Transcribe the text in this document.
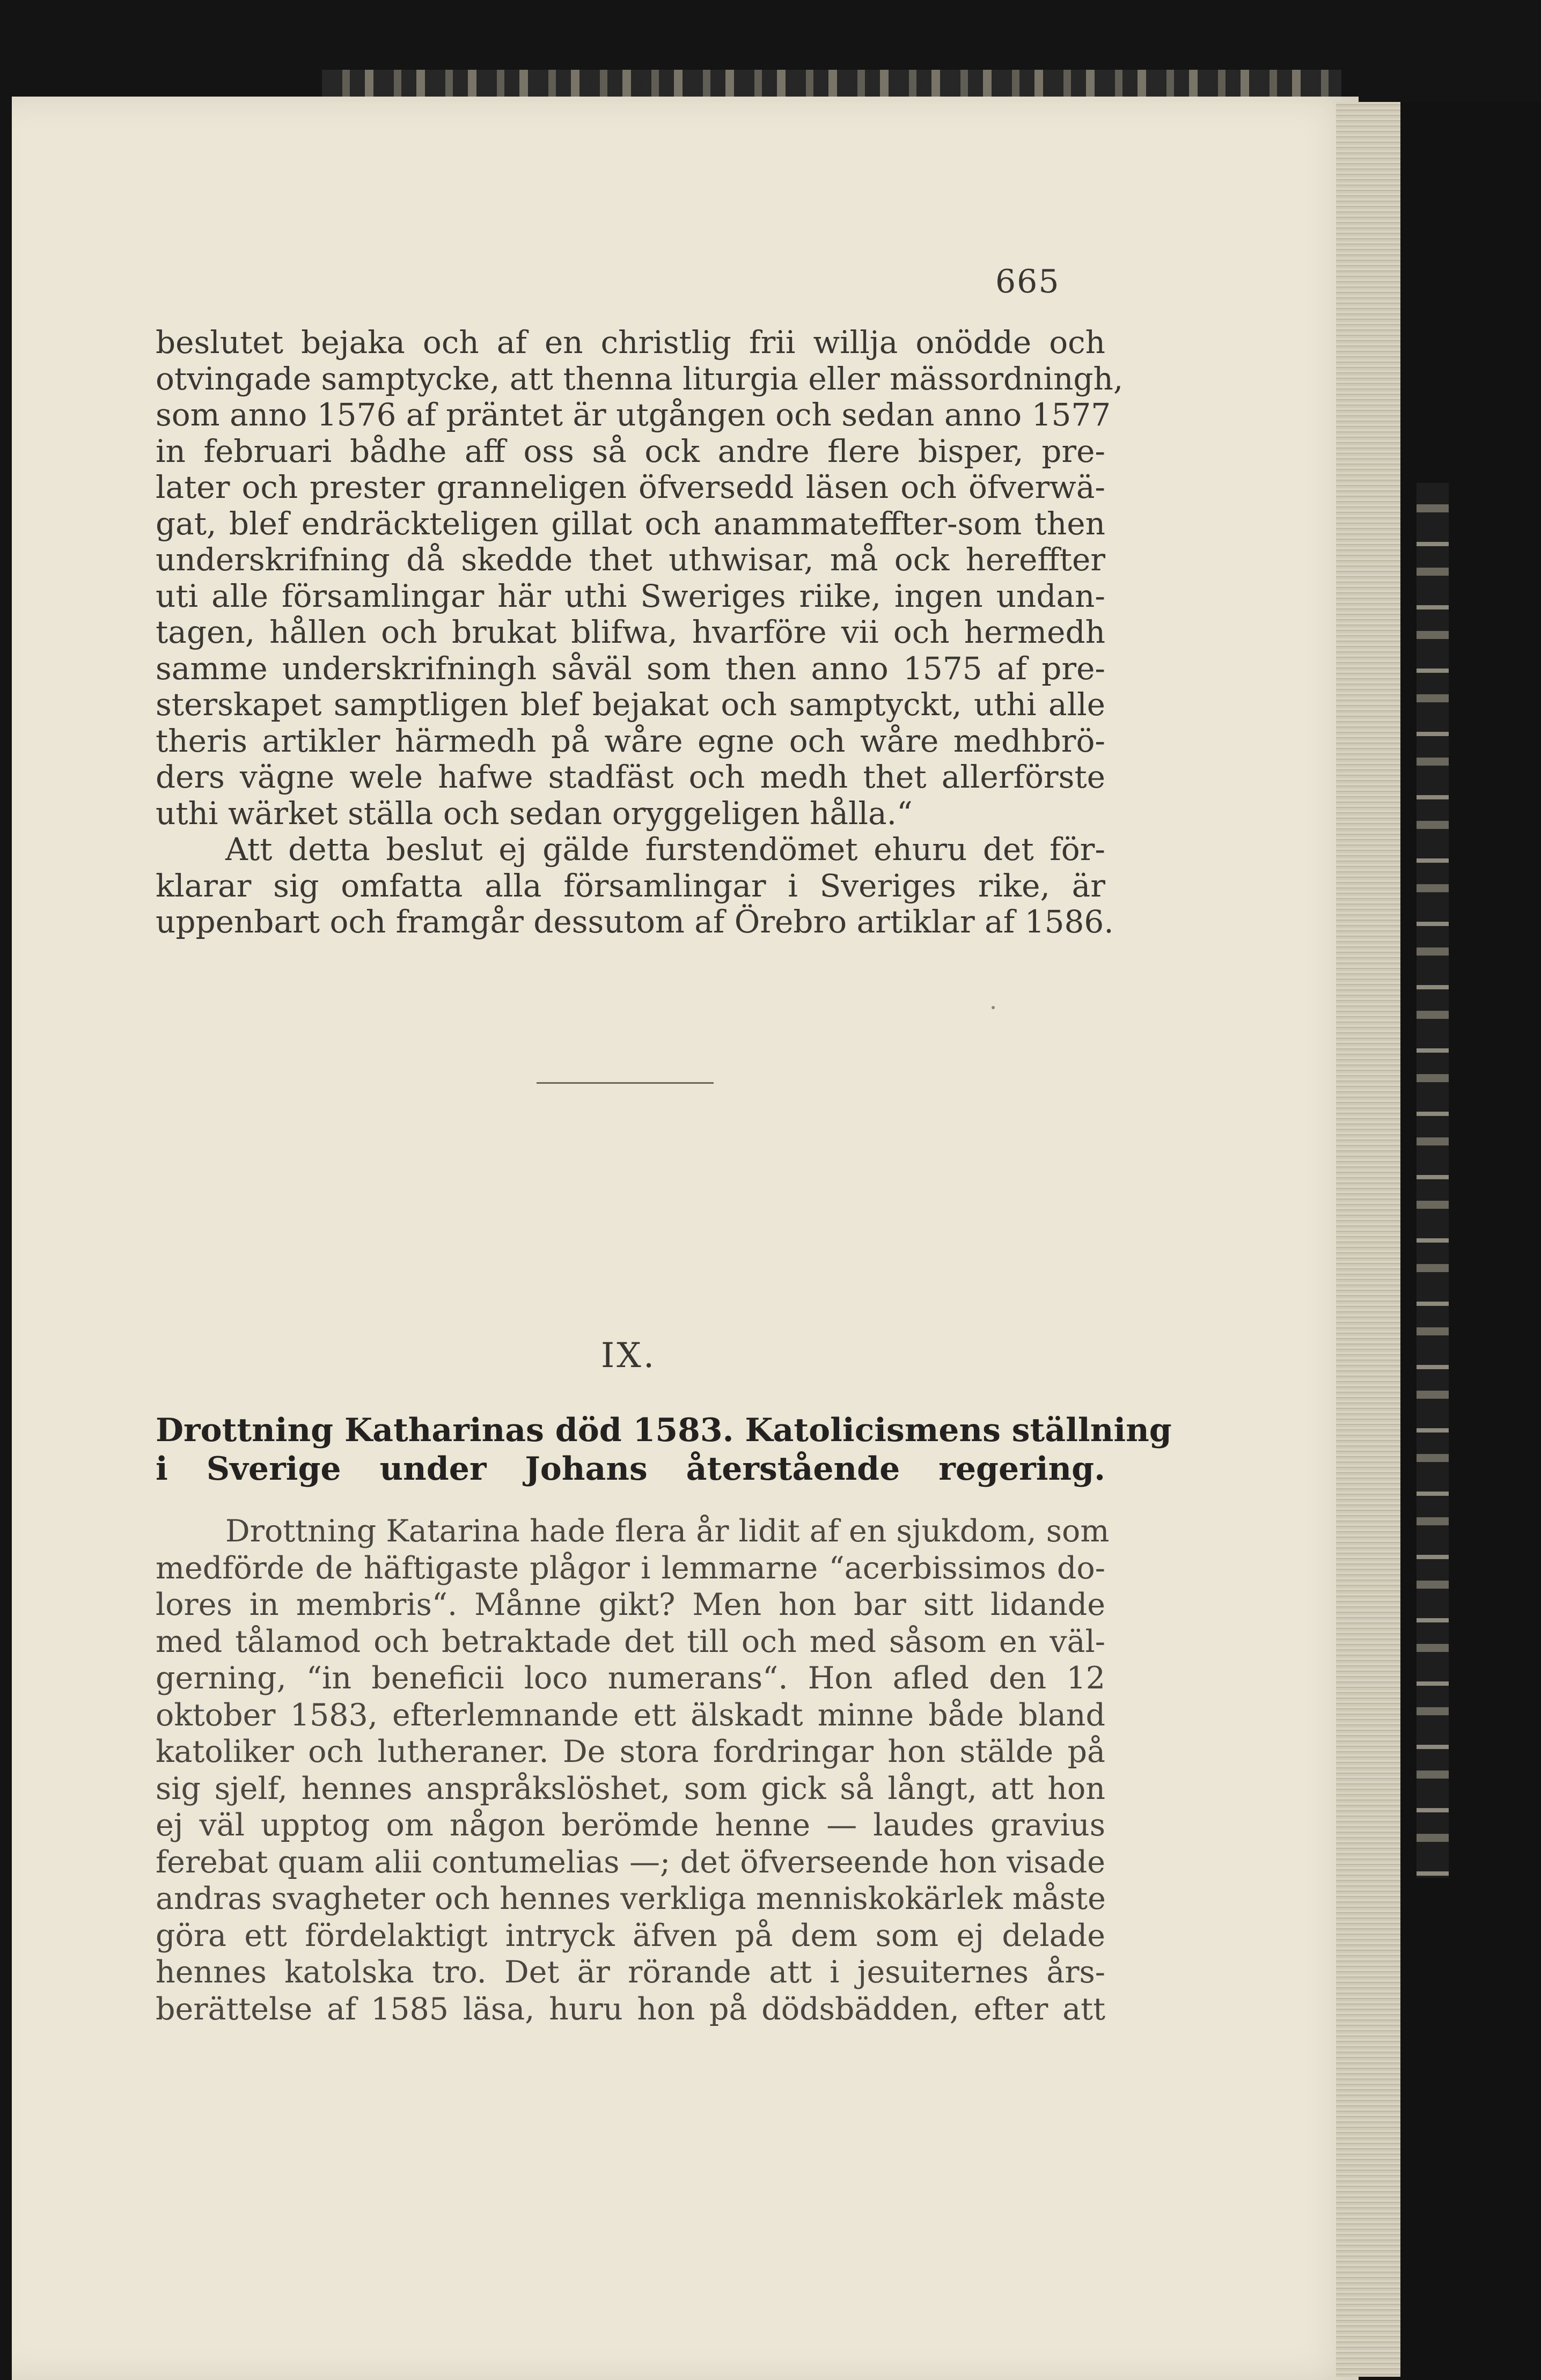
665
beslutet bejaka och af en christlig frii willja onödde och
otvingade samptycke, att thenna liturgia eller mässordningh,
som anno 1576 af präntet är utgången och sedan anno 1577
in februari bådhe aff oss så ock andre flere bisper, pre-
later och prester granneligen öfversedd läsen och öfverwä-
gat, blef endräckteligen gillat och anammateffter-som then
underskrifning då skedde thet uthwisar, må ock hereffter
uti alle församlingar här uthi Sweriges riike, ingen undan-
tagen, hållen och brukat blifwa, hvarföre vii och hermedh
samme underskrifningh såväl som then anno 1575 af pre-
sterskapet samptligen blef bejakat och samptyckt, uthi alle
theris artikler härmedh på wåre egne och wåre medhbrö-
ders vägne wele hafwe stadfäst och medh thet allerförste
uthi wärket ställa och sedan oryggeligen hålla.“
Att detta beslut ej gälde furstendömet ehuru det för-
klarar sig omfatta alla församlingar i Sveriges rike, är
uppenbart och framgår dessutom af Örebro artiklar af 1586.
IX.
Drottning Katharinas död 1583. Katolicismens ställning
i Sverige under Johans återstående regering.
Drottning Katarina hade flera år lidit af en sjukdom, som
medförde de häftigaste plågor i lemmarne “acerbissimos do-
lores in membris“. Månne gikt? Men hon bar sitt lidande
med tålamod och betraktade det till och med såsom en väl-
gerning, “in beneficii loco numerans“. Hon afled den 12
oktober 1583, efterlemnande ett älskadt minne både bland
katoliker och lutheraner. De stora fordringar hon stälde på
sig sjelf, hennes anspråkslöshet, som gick så långt, att hon
ej väl upptog om någon berömde henne — laudes gravius
ferebat quam alii contumelias —; det öfverseende hon visade
andras svagheter och hennes verkliga menniskokärlek måste
göra ett fördelaktigt intryck äfven på dem som ej delade
hennes katolska tro. Det är rörande att i jesuiternes års-
berättelse af 1585 läsa, huru hon på dödsbädden, efter att
